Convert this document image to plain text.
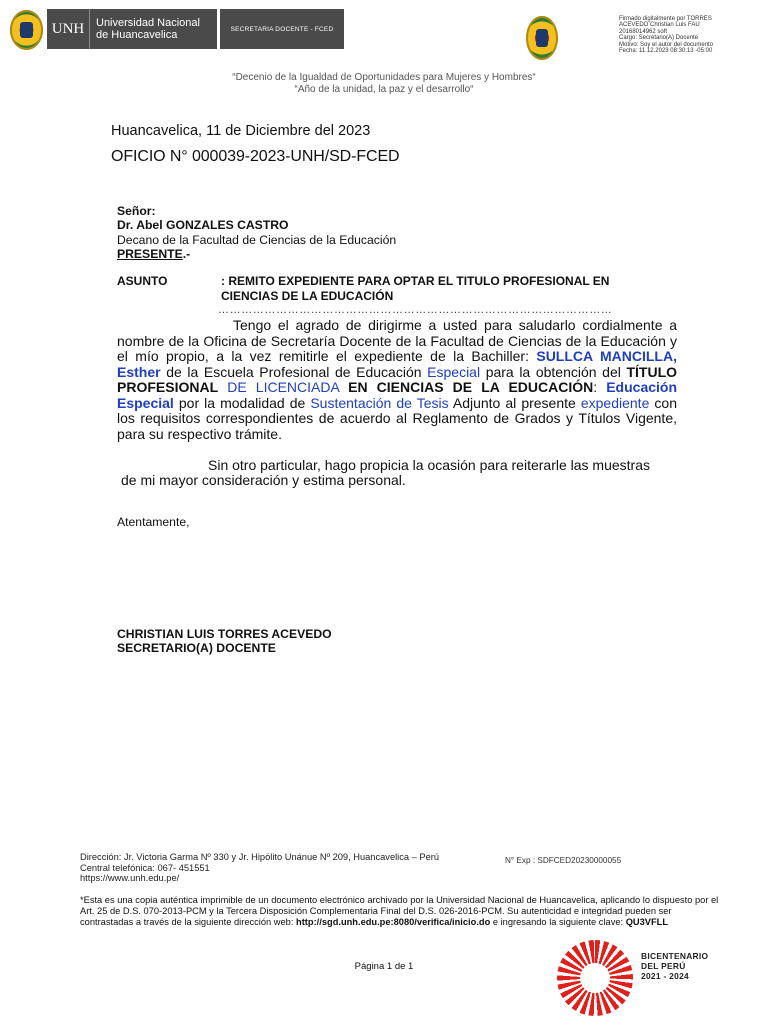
UNH	Universidad Nacional
de Huancavelica	SECRETARIA DOCENTE - FCED
Firmado digitalmente por TORRES
ACEVEDO Christian Luis FAU
20168014962 soft
Cargo: Secretario(A) Docente
Motivo: Soy el autor del documento
Fecha: 11.12.2023 08:30:13 -05:00
“Decenio de la Igualdad de Oportunidades para Mujeres y Hombres“
“Año de la unidad, la paz y el desarrollo“
Huancavelica, 11 de Diciembre del 2023
OFICIO N° 000039-2023-UNH/SD-FCED
Señor:
Dr. Abel GONZALES CASTRO
Decano de la Facultad de Ciencias de la Educación
PRESENTE.-
ASUNTO	: REMITO EXPEDIENTE PARA OPTAR EL TITULO PROFESIONAL EN CIENCIAS DE LA EDUCACIÓN
…………………………………………………………………………………………
Tengo el agrado de dirigirme a usted para saludarlo cordialmente a nombre de la Oficina de Secretaría Docente de la Facultad de Ciencias de la Educación y el mío propio, a la vez remitirle el expediente de la Bachiller: SULLCA MANCILLA, Esther de la Escuela Profesional de Educación Especial para la obtención del TÍTULO PROFESIONAL DE LICENCIADA EN CIENCIAS DE LA EDUCACIÓN: Educación Especial por la modalidad de Sustentación de Tesis Adjunto al presente expediente con los requisitos correspondientes de acuerdo al Reglamento de Grados y Títulos Vigente, para su respectivo trámite.
Sin otro particular, hago propicia la ocasión para reiterarle las muestras
de mi mayor consideración y estima personal.
Atentamente,
CHRISTIAN LUIS TORRES ACEVEDO
SECRETARIO(A) DOCENTE
Dirección: Jr. Victoria Garma Nº 330 y Jr. Hipólito Unánue Nº 209, Huancavelica – Perú
Central telefónica: 067- 451551
https://www.unh.edu.pe/
N° Exp : SDFCED20230000055
*Esta es una copia auténtica imprimible de un documento electrónico archivado por la Universidad Nacional de Huancavelica, aplicando lo dispuesto por el Art. 25 de D.S. 070-2013-PCM y la Tercera Disposición Complementaria Final del D.S. 026-2016-PCM. Su autenticidad e integridad pueden ser contrastadas a través de la siguiente dirección web: http://sgd.unh.edu.pe:8080/verifica/inicio.do e ingresando la siguiente clave: QU3VFLL
Página 1 de 1
BICENTENARIO
DEL PERÚ
2021 - 2024
